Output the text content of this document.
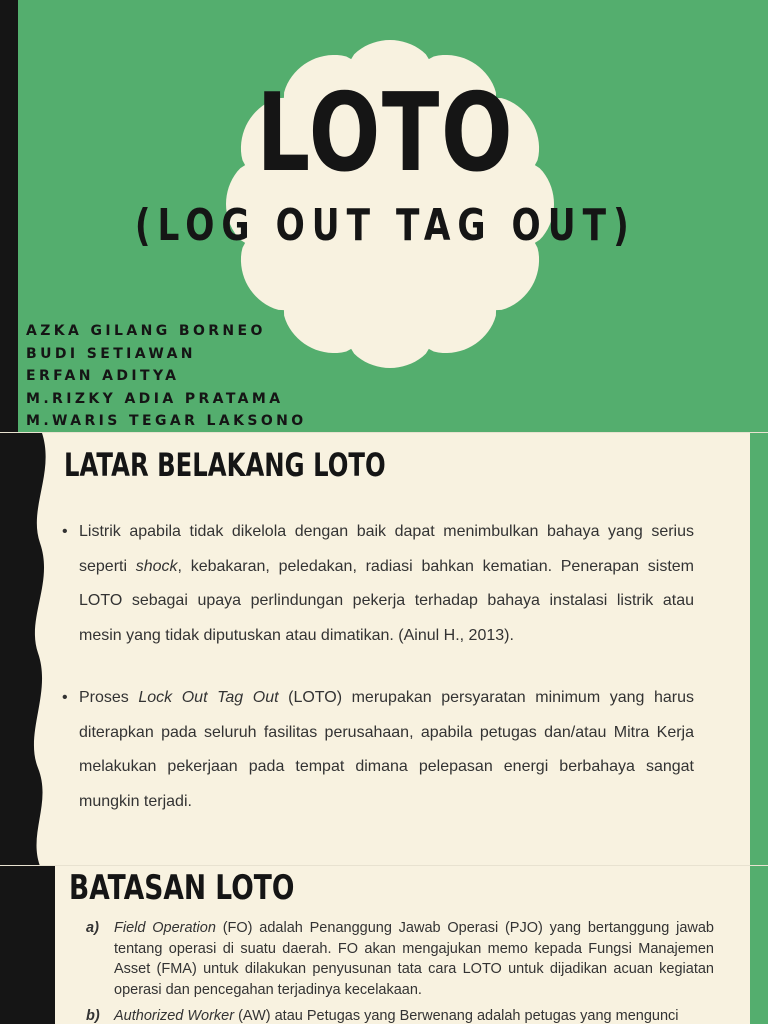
LOTO
(LOG OUT TAG OUT)
AZKA GILANG BORNEO
BUDI SETIAWAN
ERFAN ADITYA
M.RIZKY ADIA PRATAMA
M.WARIS TEGAR LAKSONO
LATAR BELAKANG LOTO
• Listrik apabila tidak dikelola dengan baik dapat menimbulkan bahaya yang serius seperti shock, kebakaran, peledakan, radiasi bahkan kematian. Penerapan sistem LOTO sebagai upaya perlindungan pekerja terhadap bahaya instalasi listrik atau mesin yang tidak diputuskan atau dimatikan. (Ainul H., 2013).
• Proses Lock Out Tag Out (LOTO) merupakan persyaratan minimum yang harus diterapkan pada seluruh fasilitas perusahaan, apabila petugas dan/atau Mitra Kerja melakukan pekerjaan pada tempat dimana pelepasan energi berbahaya sangat mungkin terjadi.
BATASAN LOTO
a) Field Operation (FO) adalah Penanggung Jawab Operasi (PJO) yang bertanggung jawab tentang operasi di suatu daerah. FO akan mengajukan memo kepada Fungsi Manajemen Asset (FMA) untuk dilakukan penyusunan tata cara LOTO untuk dijadikan acuan kegiatan operasi dan pencegahan terjadinya kecelakaan.
b) Authorized Worker (AW) atau Petugas yang Berwenang adalah petugas yang mengunci
